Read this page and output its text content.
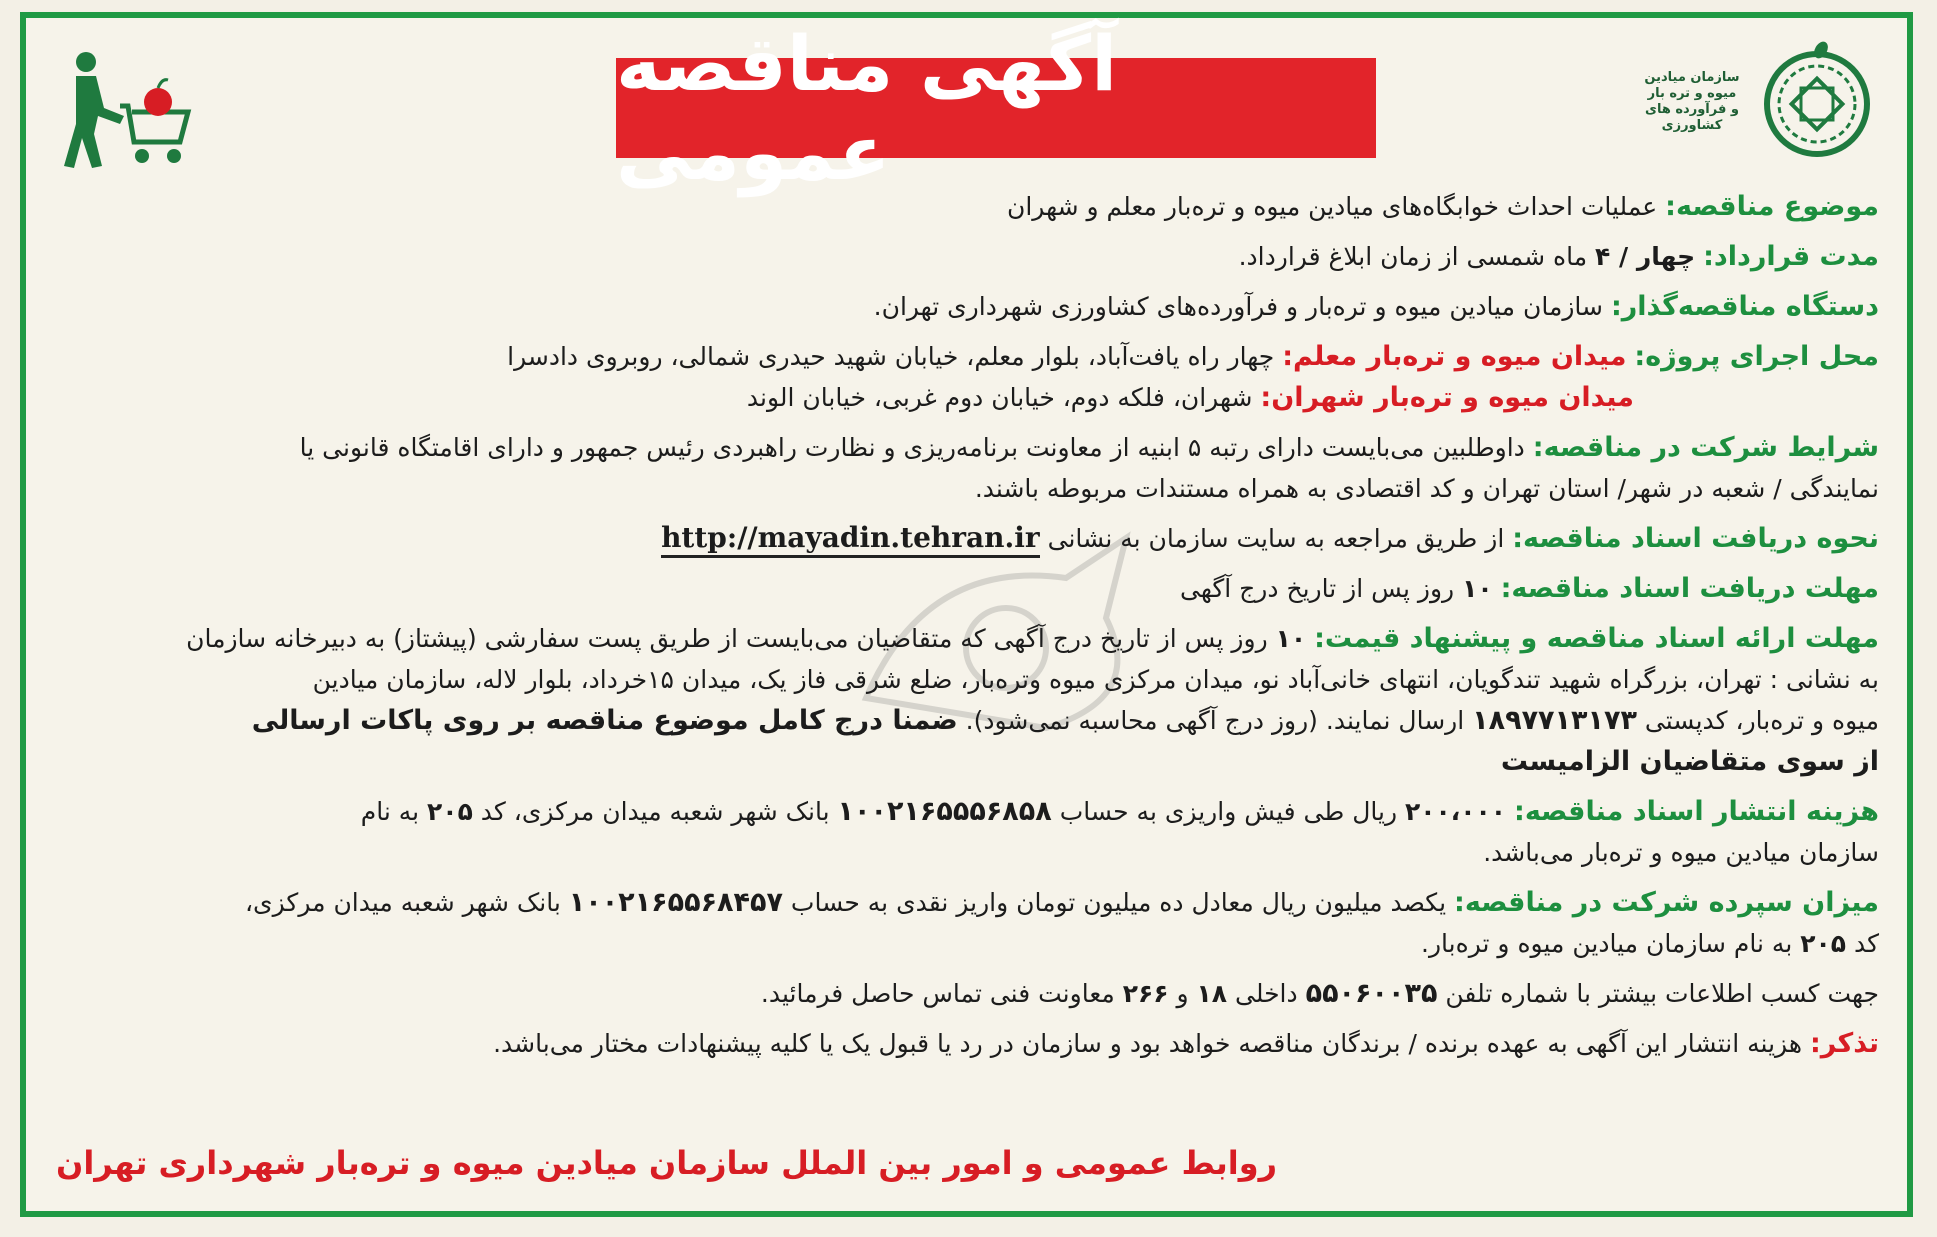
آگهی مناقصه عمومی
سازمان میادین
میوه و تره بار
و فرآورده های
کشاورزی

موضوع مناقصه: عملیات احداث خوابگاه‌های میادین میوه و تره‌بار معلم و شهران

مدت قرارداد: چهار / ۴ ماه شمسی از زمان ابلاغ قرارداد.

دستگاه مناقصه‌گذار: سازمان میادین میوه و تره‌بار و فرآورده‌های کشاورزی شهرداری تهران.

محل اجرای پروژه: میدان میوه و تره‌بار معلم: چهار راه یافت‌آباد، بلوار معلم، خیابان شهید حیدری شمالی، روبروی دادسرا

میدان میوه و تره‌بار شهران: شهران، فلکه دوم، خیابان دوم غربی، خیابان الوند

شرایط شرکت در مناقصه: داوطلبین می‌بایست دارای رتبه ۵ ابنیه از معاونت برنامه‌ریزی و نظارت راهبردی رئیس جمهور و دارای اقامتگاه قانونی یا

نمایندگی / شعبه در شهر/ استان تهران و کد اقتصادی به همراه مستندات مربوطه باشند.

نحوه دریافت اسناد مناقصه: از طریق مراجعه به سایت سازمان به نشانی http://mayadin.tehran.ir

مهلت دریافت اسناد مناقصه: ۱۰ روز پس از تاریخ درج آگهی

مهلت ارائه اسناد مناقصه و پیشنهاد قیمت: ۱۰ روز پس از تاریخ درج آگهی که متقاضیان می‌بایست از طریق پست سفارشی (پیشتاز) به دبیرخانه سازمان

به نشانی : تهران، بزرگراه شهید تندگویان، انتهای خانی‌آباد نو، میدان مرکزی میوه وتره‌بار، ضلع شرقی فاز یک، میدان ۱۵خرداد، بلوار لاله، سازمان میادین

میوه و تره‌بار، کدپستی ۱۸۹۷۷۱۳۱۷۳ ارسال نمایند. (روز درج آگهی محاسبه نمی‌شود). ضمنا درج کامل موضوع مناقصه بر روی پاکات ارسالی

از سوی متقاضیان الزامیست

هزینه انتشار اسناد مناقصه: ۲۰۰،۰۰۰ ریال طی فیش واریزی به حساب ۱۰۰۲۱۶۵۵۵۶۸۵۸ بانک شهر شعبه میدان مرکزی، کد ۲۰۵ به نام

سازمان میادین میوه و تره‌بار می‌باشد.

میزان سپرده شرکت در مناقصه: یکصد میلیون ریال معادل ده میلیون تومان واریز نقدی به حساب ۱۰۰۲۱۶۵۵۶۸۴۵۷ بانک شهر شعبه میدان مرکزی،

کد ۲۰۵ به نام سازمان میادین میوه و تره‌بار.

جهت کسب اطلاعات بیشتر با شماره تلفن ۵۵۰۶۰۰۳۵ داخلی ۱۸ و ۲۶۶ معاونت فنی تماس حاصل فرمائید.

تذکر: هزینه انتشار این آگهی به عهده برنده / برندگان مناقصه خواهد بود و سازمان در رد یا قبول یک یا کلیه پیشنهادات مختار می‌باشد.

روابط عمومی و امور بین الملل سازمان میادین میوه و تره‌بار شهرداری تهران
